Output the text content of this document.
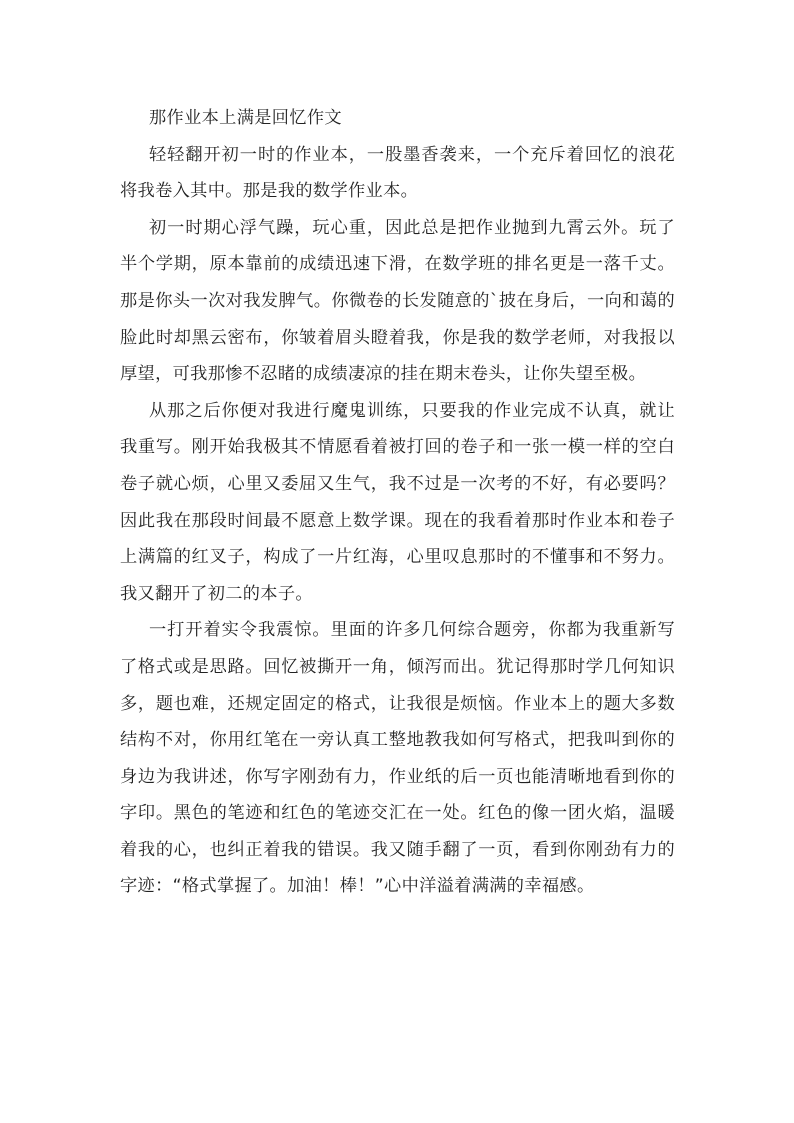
那作业本上满是回忆作文

轻轻翻开初一时的作业本，一股墨香袭来，一个充斥着回忆的浪花将我卷入其中。那是我的数学作业本。

初一时期心浮气躁，玩心重，因此总是把作业抛到九霄云外。玩了半个学期，原本靠前的成绩迅速下滑，在数学班的排名更是一落千丈。那是你头一次对我发脾气。你微卷的长发随意的`披在身后，一向和蔼的脸此时却黑云密布，你皱着眉头瞪着我，你是我的数学老师，对我报以厚望，可我那惨不忍睹的成绩凄凉的挂在期末卷头，让你失望至极。

从那之后你便对我进行魔鬼训练，只要我的作业完成不认真，就让我重写。刚开始我极其不情愿看着被打回的卷子和一张一模一样的空白卷子就心烦，心里又委屈又生气，我不过是一次考的不好，有必要吗？因此我在那段时间最不愿意上数学课。现在的我看着那时作业本和卷子上满篇的红叉子，构成了一片红海，心里叹息那时的不懂事和不努力。我又翻开了初二的本子。

一打开着实令我震惊。里面的许多几何综合题旁，你都为我重新写了格式或是思路。回忆被撕开一角，倾泻而出。犹记得那时学几何知识多，题也难，还规定固定的格式，让我很是烦恼。作业本上的题大多数结构不对，你用红笔在一旁认真工整地教我如何写格式，把我叫到你的身边为我讲述，你写字刚劲有力，作业纸的后一页也能清晰地看到你的字印。黑色的笔迹和红色的笔迹交汇在一处。红色的像一团火焰，温暖着我的心，也纠正着我的错误。我又随手翻了一页，看到你刚劲有力的字迹：“格式掌握了。加油！棒！”心中洋溢着满满的幸福感。
